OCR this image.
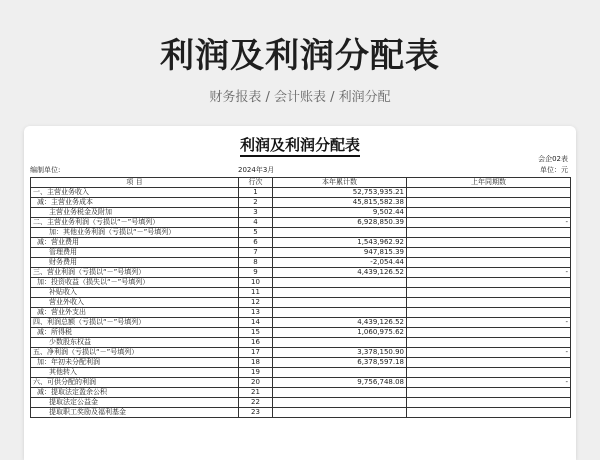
利润及利润分配表
财务报表 / 会计账表 / 利润分配
利润及利润分配表
会企02表
编制单位:	2024年3月	单位：元
项 目	行次	本年累计数	上年同期数
一、主营业务收入	1	52,753,935.21	
减：主营业务成本	2	45,815,582.38	
主营业务税金及附加	3	9,502.44	
二、主营业务利润（亏损以“－”号填列）	4	6,928,850.39	-
加：其他业务利润（亏损以“－”号填列）	5		
减：营业费用	6	1,543,962.92	
管理费用	7	947,815.39	
财务费用	8	-2,054.44	
三、营业利润（亏损以“－”号填列）	9	4,439,126.52	-
加：投资收益（损失以“－”号填列）	10		
补贴收入	11		
营业外收入	12		
减：营业外支出	13		
四、利润总额（亏损以“－”号填列）	14	4,439,126.52	-
减：所得税	15	1,060,975.62	
少数股东权益	16		
五、净利润（亏损以“－”号填列）	17	3,378,150.90	-
加：年初未分配利润	18	6,378,597.18	
其他转入	19		
六、可供分配的利润	20	9,756,748.08	-
减：提取法定盈余公积	21		
提取法定公益金	22		
提取职工奖励及福利基金	23		
